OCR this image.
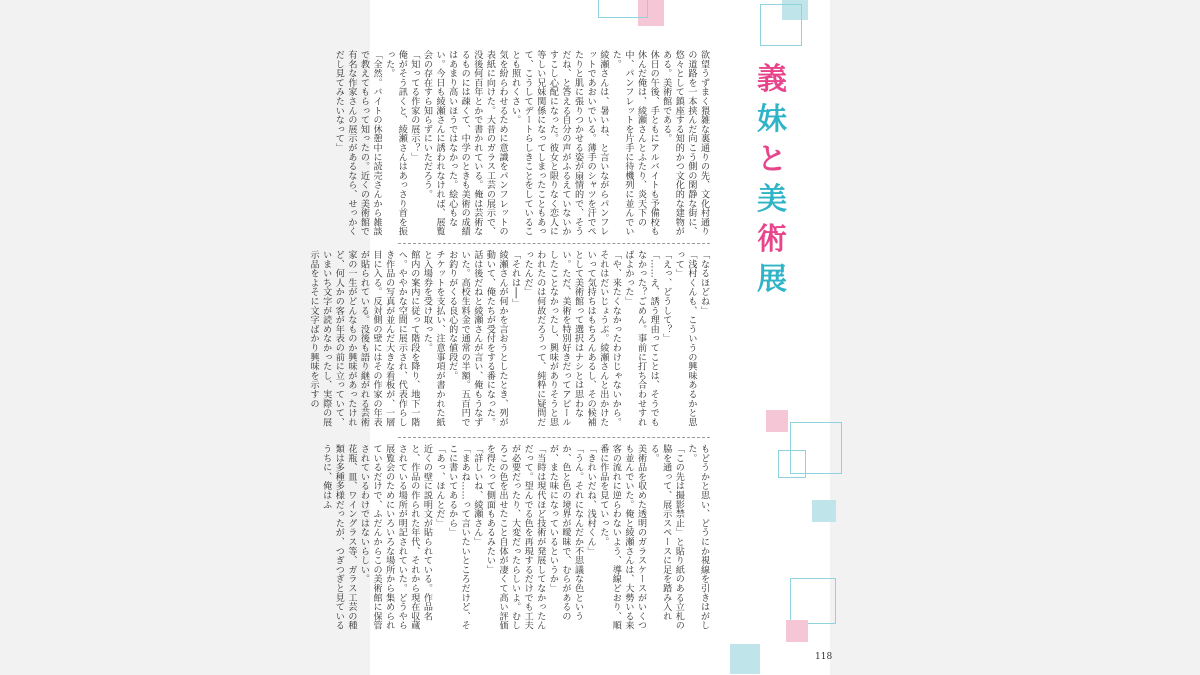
義
妹
と
美
術
展

欲望うずまく猥雑な裏通りの先、文化村通りの道路を一本挟んだ向こう側の閑静な街に、悠々として鎮座する知的かつ文化的な建物がある。美術館である。

休日の午後、手ともにアルバイトも予備校も休んだ俺は、綾瀬さんとふたり、炎天下の中、パンフレットを片手に待機列に並んでいた。

綾瀬さんは、暑いね、と言いながらパンフレットであおいでいる。薄手のシャツを汗でぺたりと肌に張りつかせる姿が扇情的で、そうだね、と答える自分の声がふるえていないかすこし心配になった。彼女と限りなく恋人に等しい兄妹関係になってしまったこともあって、こうしてデートらしきことをしていることも照れくさい。

気を紛らわせるために意識をパンフレットの表紙に向けた。大昔のガラス工芸の展示で、没後何百年とかで書かれている。俺は芸術なるものには疎くて、中学のときも美術の成績はあまり高いほうではなかった。絵心もない。今日も綾瀬さんに誘われなければ、展覧会の存在すら知らずにいただろう。

「知ってる作家の展示？」

俺がそう訊くと、綾瀬さんはあっさり首を振った。

「全然。バイトの休憩中に読売さんから雑談で教えてもらって知ったの。近くの美術館で有名な作家さんの展示があるなら、せっかくだし見てみたいなって」

「なるほどね」

「浅村くんも、こういうの興味あるかと思って」

「えっ、どうして？」

「……え、誘う理由ってことは、そうでもなかった？ごめん。事前に打ち合わせすればよかった」

「や、来たくなかったわけじゃないから。それはだいじょうぶ。綾瀬さんと出かけたいって気持ちはもちろんあるし、その候補として美術館って選択はナシとは思わない。ただ、美術を特別好きだってアピールしたことなかったし、興味がありそうと思われたのは何故だろうって、純粋に疑問だったんだ」

「それは──」

綾瀬さんが何かを言おうとしたとき、列が動いて、俺たちが受付をする番になった。

話は後だねと綾瀬さんが言い、俺もうなずいた。高校生料金で通常の半額。五百円でお釣りがくる良心的な値段だ。

チケットを支払い、注意事項が書かれた紙と入場券を受け取った。

館内の案内に従って階段を降り、地下一階へ。ややかな空間に展示され、代表作らしき作品の写真が並んだ大きな看板が、一層目に入る。反対側の壁にはその作家の年表が貼られている。没後も語り継がれる芸術家の一生がどんなものか興味があったけれど、何人かの客が年表の前に立っていて、いまいち文字が読めなかったし、実際の展示品をよそに文字ばかり興味を示すの

もどうかと思い、どうにか視線を引きはがした。

「この先は撮影禁止」と貼り紙のある立札の脇を通って、展示スペースに足を踏み入れる。

美術品を収めた透明のガラスケースがいくつも並んでいた。俺と綾瀬さんは、大勢いる来客の流れに逆らわないよう、導線どおり、順番に作品を見ていった。

「きれいだね、浅村くん」

「うん。それになんだか不思議な色というか、色と色の境界が曖昧で、むらがあるのが、また味になっているというか」

「当時は現代ほど技術が発展してなかったんだって。望んでる色を再現するだけでも工夫が必要だったり、大変だったらしいよ。むしろこの色を出せたこと自体が凄くて高い評価を得たって側面もあるみたい」

「詳しいね、綾瀬さん」

「まあね……って言いたいところだけど、そこに書いてあるから」

「あっ、ほんとだ」

近くの壁に説明文が貼られている。作品名と、作品の作られた年代、それから現在収蔵されている場所が明記されていた。どうやら展覧会のためにいろいろな場所から集められているだけで、ふだんからこの美術館に保管されているわけではないらしい。

花瓶、皿、ワイングラス等、ガラス工芸の種類は多種多様だったが、つぎつぎと見ているうちに、俺はふ

118
